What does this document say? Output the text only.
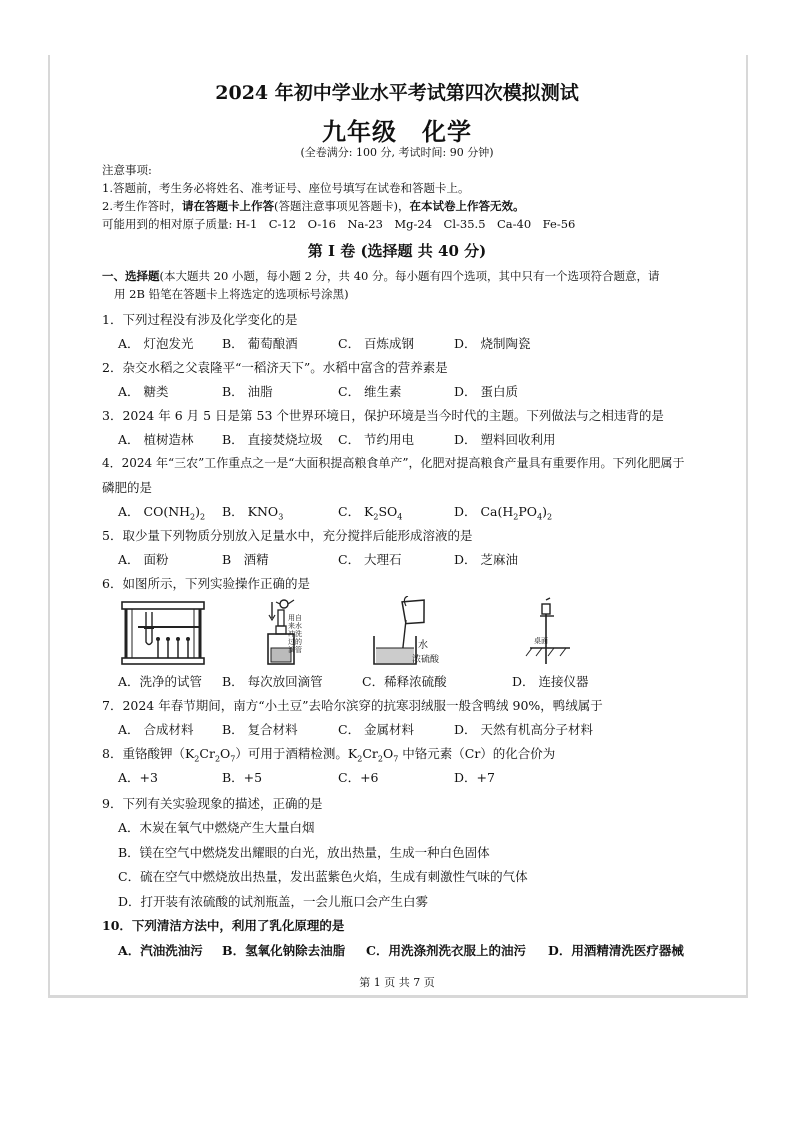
2024 年初中学业水平考试第四次模拟测试
九年级　化学
(全卷满分: 100 分, 考试时间: 90 分钟)
注意事项:
1.答题前，考生务必将姓名、准考证号、座位号填写在试卷和答题卡上。
2.考生作答时，请在答题卡上作答(答题注意事项见答题卡)，在本试卷上作答无效。
可能用到的相对原子质量: H-1　C-12　O-16　Na-23　Mg-24　Cl-35.5　Ca-40　Fe-56
第 I 卷 (选择题 共 40 分)
一、选择题(本大题共 20 小题，每小题 2 分，共 40 分。每小题有四个选项，其中只有一个选项符合题意，请
用 2B 铅笔在答题卡上将选定的选项标号涂黑)
1．下列过程没有涉及化学变化的是
A． 灯泡发光 B． 葡萄酿酒	C． 百炼成钢	D． 烧制陶瓷
2．杂交水稻之父袁隆平“一稻济天下”。水稻中富含的营养素是
A． 糖类	B． 油脂	C． 维生素	D． 蛋白质
3．2024 年 6 月 5 日是第 53 个世界环境日，保护环境是当今时代的主题。下列做法与之相违背的是
A． 植树造林 B． 直接焚烧垃圾 C． 节约用电	D． 塑料回收利用
4．2024 年“三农”工作重点之一是“大面积提高粮食单产”，化肥对提高粮食产量具有重要作用。下列化肥属于
磷肥的是
A． $CO(NH_2)_2$ B． $KNO_3$	C． $K_2SO_4$	D． $Ca(H_2PO_4)_2$
5．取少量下列物质分别放入足量水中，充分搅拌后能形成溶液的是
A． 面粉	B　酒精	C． 大理石	D． 芝麻油
6．如图所示，下列实验操作正确的是
用自
来水
冲洗
过的
滴管	水
浓硫酸
桌面
A．洗净的试管 B． 每次放回滴管	C．稀释浓硫酸	D． 连接仪器
7．2024 年春节期间，南方“小土豆”去哈尔滨穿的抗寒羽绒服一般含鸭绒 90%，鸭绒属于
A． 合成材料 B． 复合材料	C． 金属材料	D． 天然有机高分子材料
8．重铬酸钾$(K_2Cr_2O_7)$可用于酒精检测。$K_2Cr_2O_7$ 中铬元素（Cr）的化合价为
A．+3	B．+5	C．+6	D．+7
9．下列有关实验现象的描述，正确的是
A．木炭在氧气中燃烧产生大量白烟
B．镁在空气中燃烧发出耀眼的白光，放出热量，生成一种白色固体
C．硫在空气中燃烧放出热量，发出蓝紫色火焰，生成有刺激性气味的气体
D．打开装有浓硫酸的试剂瓶盖，一会儿瓶口会产生白雾
10．下列清洁方法中，利用了乳化原理的是
A．汽油洗油污 B．氢氧化钠除去油脂 C．用洗涤剂洗衣服上的油污 D．用酒精清洗医疗器械
第 1 页 共 7 页
